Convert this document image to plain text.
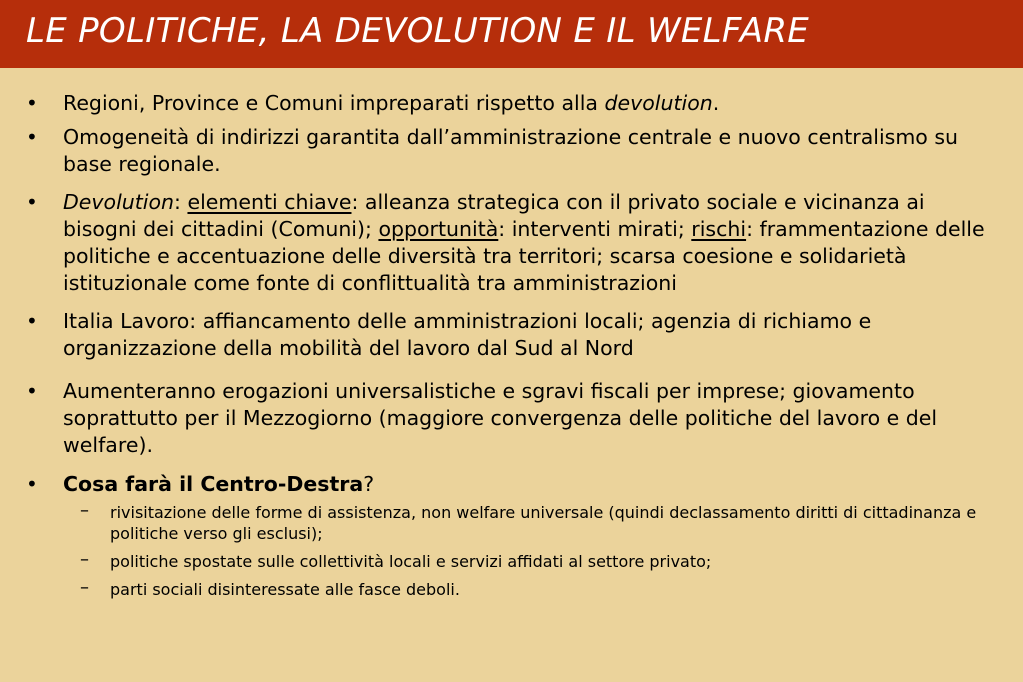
LE POLITICHE, LA DEVOLUTION E IL WELFARE
• Regioni, Province e Comuni impreparati rispetto alla devolution.
• Omogeneità di indirizzi garantita dall’amministrazione centrale e nuovo centralismo su base regionale.
• Devolution: elementi chiave: alleanza strategica con il privato sociale e vicinanza ai bisogni dei cittadini (Comuni); opportunità: interventi mirati; rischi: frammentazione delle politiche e accentuazione delle diversità tra territori; scarsa coesione e solidarietà istituzionale come fonte di conflittualità tra amministrazioni
• Italia Lavoro: affiancamento delle amministrazioni locali; agenzia di richiamo e organizzazione della mobilità del lavoro dal Sud al Nord
• Aumenteranno erogazioni universalistiche e sgravi fiscali per imprese; giovamento soprattutto per il Mezzogiorno (maggiore convergenza delle politiche del lavoro e del welfare).
• Cosa farà il Centro-Destra?
– rivisitazione delle forme di assistenza, non welfare universale (quindi declassamento diritti di cittadinanza e politiche verso gli esclusi);
– politiche spostate sulle collettività locali e servizi affidati al settore privato;
– parti sociali disinteressate alle fasce deboli.
